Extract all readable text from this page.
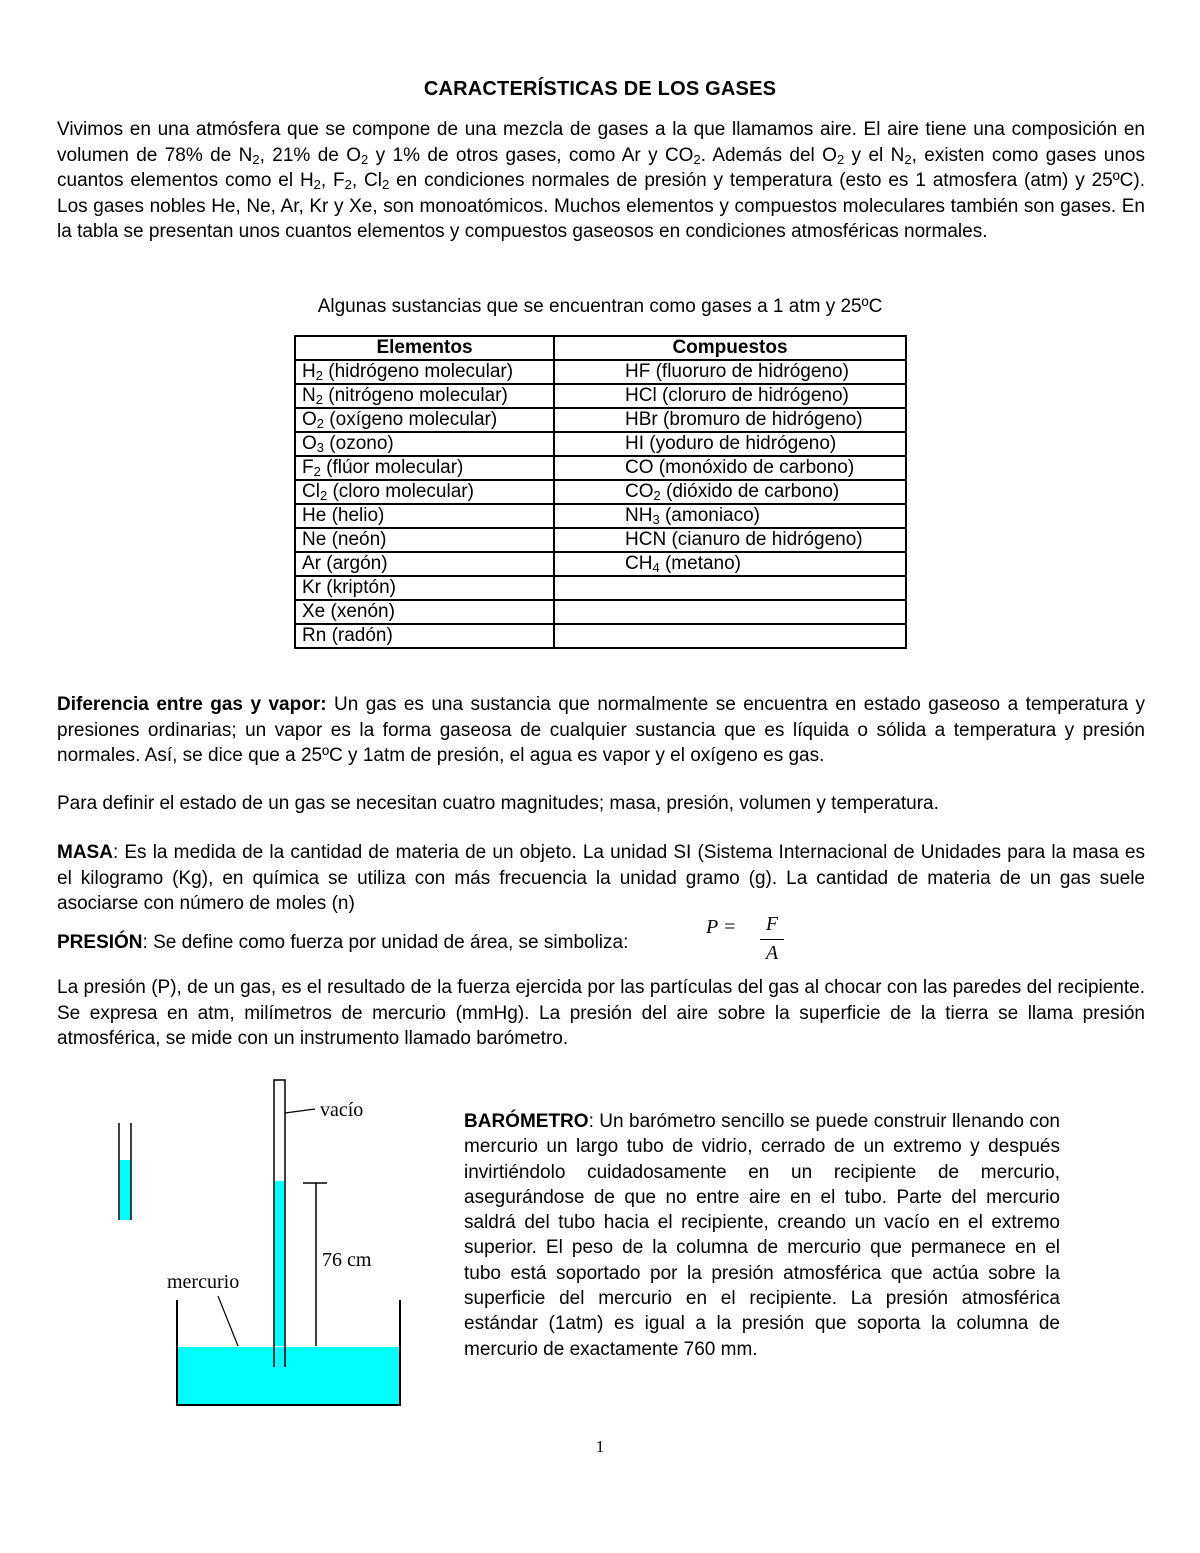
CARACTERÍSTICAS DE LOS GASES
Vivimos en una atmósfera que se compone de una mezcla de gases a la que llamamos aire. El aire tiene una composición en volumen de 78% de $N_2$, 21% de $O_2$ y 1% de otros gases, como Ar y $CO_2$. Además del $O_2$ y el $N_2$, existen como gases unos cuantos elementos como el $H_2$, $F_2$, $Cl_2$ en condiciones normales de presión y temperatura (esto es 1 atmosfera (atm) y 25ºC). Los gases nobles He, Ne, Ar, Kr y Xe, son monoatómicos. Muchos elementos y compuestos moleculares también son gases. En la tabla se presentan unos cuantos elementos y compuestos gaseosos en condiciones atmosféricas normales.
Algunas sustancias que se encuentran como gases a 1 atm y 25ºC
Elementos	Compuestos
$H_2$ (hidrógeno molecular)	HF (fluoruro de hidrógeno)
$N_2$ (nitrógeno molecular)	HCl (cloruro de hidrógeno)
$O_2$ (oxígeno molecular)	HBr (bromuro de hidrógeno)
$O_3$ (ozono)	HI (yoduro de hidrógeno)
$F_2$ (flúor molecular)	CO (monóxido de carbono)
$Cl_2$ (cloro molecular)	$CO_2$ (dióxido de carbono)
He (helio)	$NH_3$ (amoniaco)
Ne (neón)	HCN (cianuro de hidrógeno)
Ar (argón)	$CH_4$ (metano)
Kr (kriptón)	
Xe (xenón)	
Rn (radón)	
Diferencia entre gas y vapor: Un gas es una sustancia que normalmente se encuentra en estado gaseoso a temperatura y presiones ordinarias; un vapor es la forma gaseosa de cualquier sustancia que es líquida o sólida a temperatura y presión normales. Así, se dice que a 25ºC y 1atm de presión, el agua es vapor y el oxígeno es gas.
Para definir el estado de un gas se necesitan cuatro magnitudes; masa, presión, volumen y temperatura.
MASA: Es la medida de la cantidad de materia de un objeto. La unidad SI (Sistema Internacional de Unidades para la masa es el kilogramo (Kg), en química se utiliza con más frecuencia la unidad gramo (g). La cantidad de materia de un gas suele asociarse con número de moles (n)
PRESIÓN: Se define como fuerza por unidad de área, se simboliza:
P = F
A
La presión (P), de un gas, es el resultado de la fuerza ejercida por las partículas del gas al chocar con las paredes del recipiente. Se expresa en atm, milímetros de mercurio (mmHg). La presión del aire sobre la superficie de la tierra se llama presión atmosférica, se mide con un instrumento llamado barómetro.
vacío
76 cm
mercurio
BARÓMETRO: Un barómetro sencillo se puede construir llenando con mercurio un largo tubo de vidrio, cerrado de un extremo y después invirtiéndolo cuidadosamente en un recipiente de mercurio, asegurándose de que no entre aire en el tubo. Parte del mercurio saldrá del tubo hacia el recipiente, creando un vacío en el extremo superior. El peso de la columna de mercurio que permanece en el tubo está soportado por la presión atmosférica que actúa sobre la superficie del mercurio en el recipiente. La presión atmosférica estándar (1atm) es igual a la presión que soporta la columna de mercurio de exactamente 760 mm.
1
